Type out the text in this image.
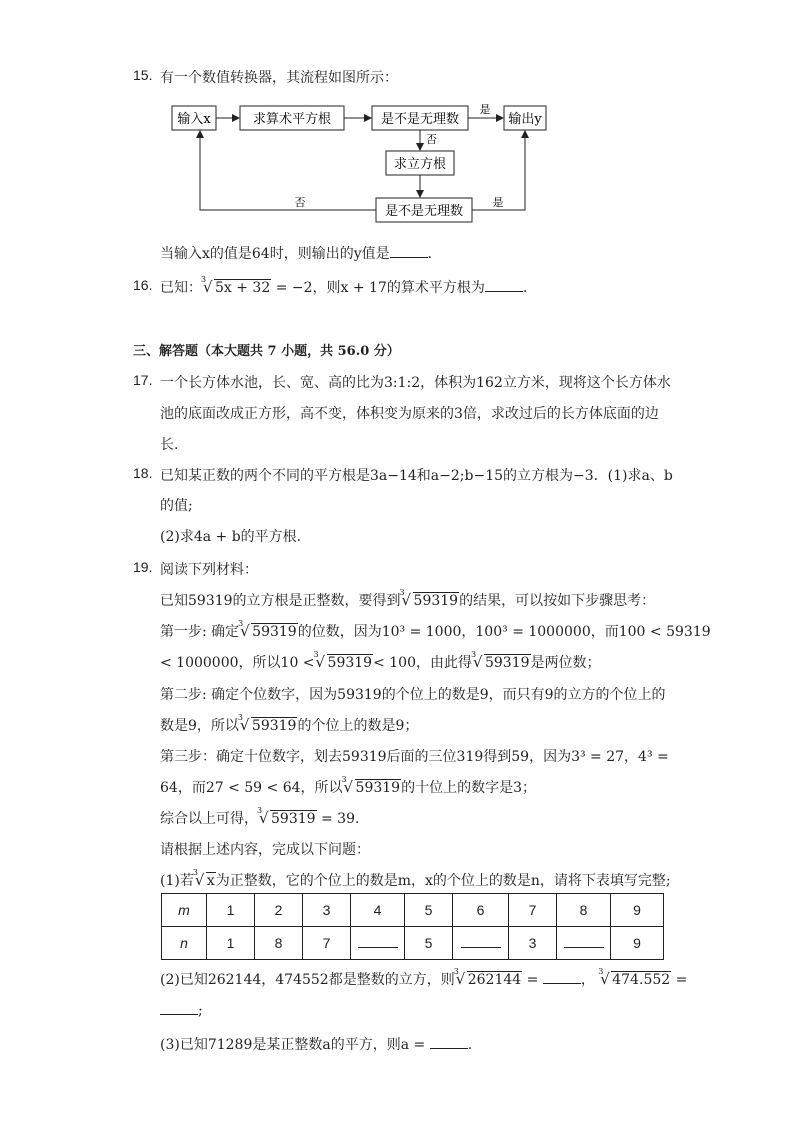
15. 有一个数值转换器，其流程如图所示：
输入x	求算术平方根	是不是无理数
是
输出y
否
求立方根
是不是无理数
是
否
当输入x的值是64时，则输出的y值是	.
16. 已知：
√ 3
5x + 32 = −2，则x + 17的算术平方根为	.
三、解答题（本大题共 7 小题，共 56.0 分）
17. 一个长方体水池，长、宽、高的比为3:1:2，体积为162立方米，现将这个长方体水
池的底面改成正方形，高不变，体积变为原来的3倍，求改过后的长方体底面的边
长.
18. 已知某正数的两个不同的平方根是3a−14和a−2;b−15的立方根为−3．(1)求a、b
的值;
(2)求4a + b的平方根．
19. 阅读下列材料：
已知59319的立方根是正整数，要得到
√ 3
59319的结果，可以按如下步骤思考：
第一步: 确定
√ 3
59319的位数，因为10³ = 1000，100³ = 1000000，而100 < 59319
< 1000000，所以10 <
√ 3
59319< 100，由此得
√ 3
59319是两位数；
第二步: 确定个位数字，因为59319的个位上的数是9，而只有9的立方的个位上的
数是9，所以
√ 3
59319的个位上的数是9；
第三步：确定十位数字，划去59319后面的三位319得到59，因为3³ = 27，4³ =
64，而27 < 59 < 64，所以
√ 3
59319的十位上的数字是3；
综合以上可得，
√ 3
59319 = 39．
请根据上述内容，完成以下问题：
(1)若
√ 3
x为正整数，它的个位上的数是m，x的个位上的数是n，请将下表填写完整;
m	1	2	3	4	5	6	7	8	9
n	1	8	7		5		3		9
(2)已知262144，474552都是整数的立方，则
√ 3
262144 =	，
√ 3
474.552 =
;
(3)已知71289是某正整数a的平方，则a =	.
